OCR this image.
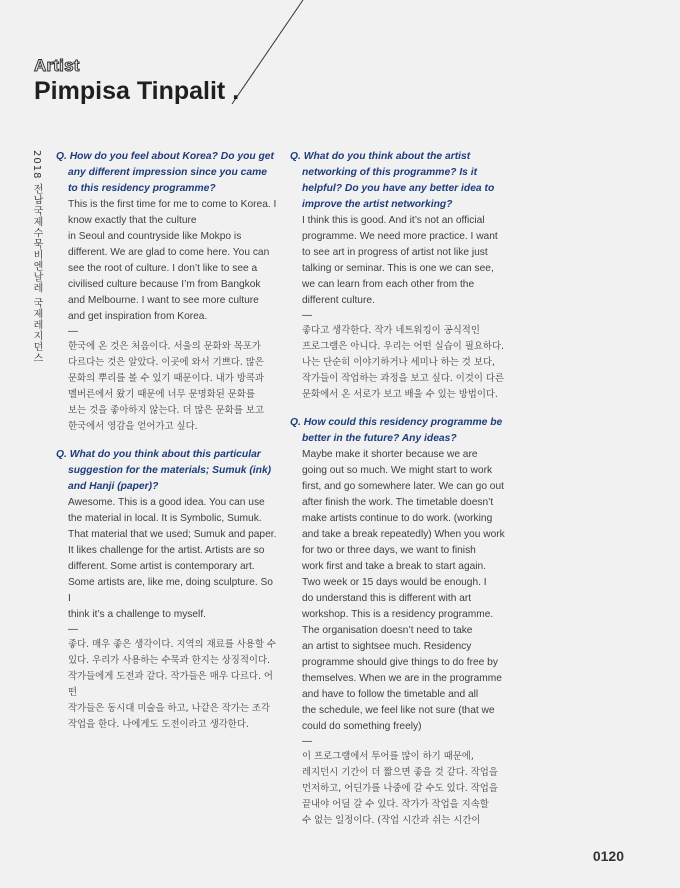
Artist
Pimpisa Tinpalit .
2018 전남국제수묵비엔날레 국제레지던스 Q. How do you feel about Korea? Do you get any different impression since you came to this residency programme?
This is the first time for me to come to Korea. I know exactly that the culture
in Seoul and countryside like Mokpo is
different. We are glad to come here. You can
see the root of culture. I don’t like to see a
civilised culture because I’m from Bangkok
and Melbourne. I want to see more culture
and get inspiration from Korea.
—
한국에 온 것은 처음이다. 서울의 문화와 목포가
다르다는 것은 알았다. 이곳에 와서 기쁘다. 많은
문화의 뿌리를 볼 수 있기 때문이다. 내가 방콕과
멜버른에서 왔기 때문에 너무 문명화된 문화를
보는 것을 좋아하지 않는다. 더 많은 문화를 보고
한국에서 영감을 얻어가고 싶다.
Q. What do you think about this particular suggestion for the materials; Sumuk (ink) and Hanji (paper)?
Awesome. This is a good idea. You can use
the material in local. It is Symbolic, Sumuk.
That material that we used; Sumuk and paper.
It likes challenge for the artist. Artists are so
different. Some artist is contemporary art.
Some artists are, like me, doing sculpture. So I
think it’s a challenge to myself.
—
좋다. 매우 좋은 생각이다. 지역의 재료를 사용할 수
있다. 우리가 사용하는 수묵과 한지는 상징적이다.
작가들에게 도전과 같다. 작가들은 매우 다르다. 어떤
작가들은 동시대 미술을 하고, 나같은 작가는 조각
작업을 한다. 나에게도 도전이라고 생각한다.
Q. What do you think about the artist networking of this programme? Is it helpful? Do you have any better idea to improve the artist networking?
I think this is good. And it’s not an official
programme. We need more practice. I want
to see art in progress of artist not like just
talking or seminar. This is one we can see,
we can learn from each other from the
different culture.
—
좋다고 생각한다. 작가 네트워킹이 공식적인
프로그램은 아니다. 우리는 어떤 실습이 필요하다.
나는 단순히 이야기하거나 세미나 하는 것 보다,
작가들이 작업하는 과정을 보고 싶다. 이것이 다른
문화에서 온 서로가 보고 배울 수 있는 방법이다.
Q. How could this residency programme be better in the future? Any ideas?
Maybe make it shorter because we are
going out so much. We might start to work
first, and go somewhere later. We can go out
after finish the work. The timetable doesn’t
make artists continue to do work. (working
and take a break repeatedly) When you work
for two or three days, we want to finish
work first and take a break to start again.
Two week or 15 days would be enough. I
do understand this is different with art
workshop. This is a residency programme.
The organisation doesn’t need to take
an artist to sightsee much. Residency
programme should give things to do free by
themselves. When we are in the programme
and have to follow the timetable and all
the schedule, we feel like not sure (that we
could do something freely)
—
이 프로그램에서 투어를 많이 하기 때문에,
레지던시 기간이 더 짧으면 좋을 것 같다. 작업을
먼저하고, 어딘가를 나중에 갈 수도 있다. 작업을
끝내야 어딜 갈 수 있다. 작가가 작업을 지속할
수 없는 일정이다. (작업 시간과 쉬는 시간이
0120
